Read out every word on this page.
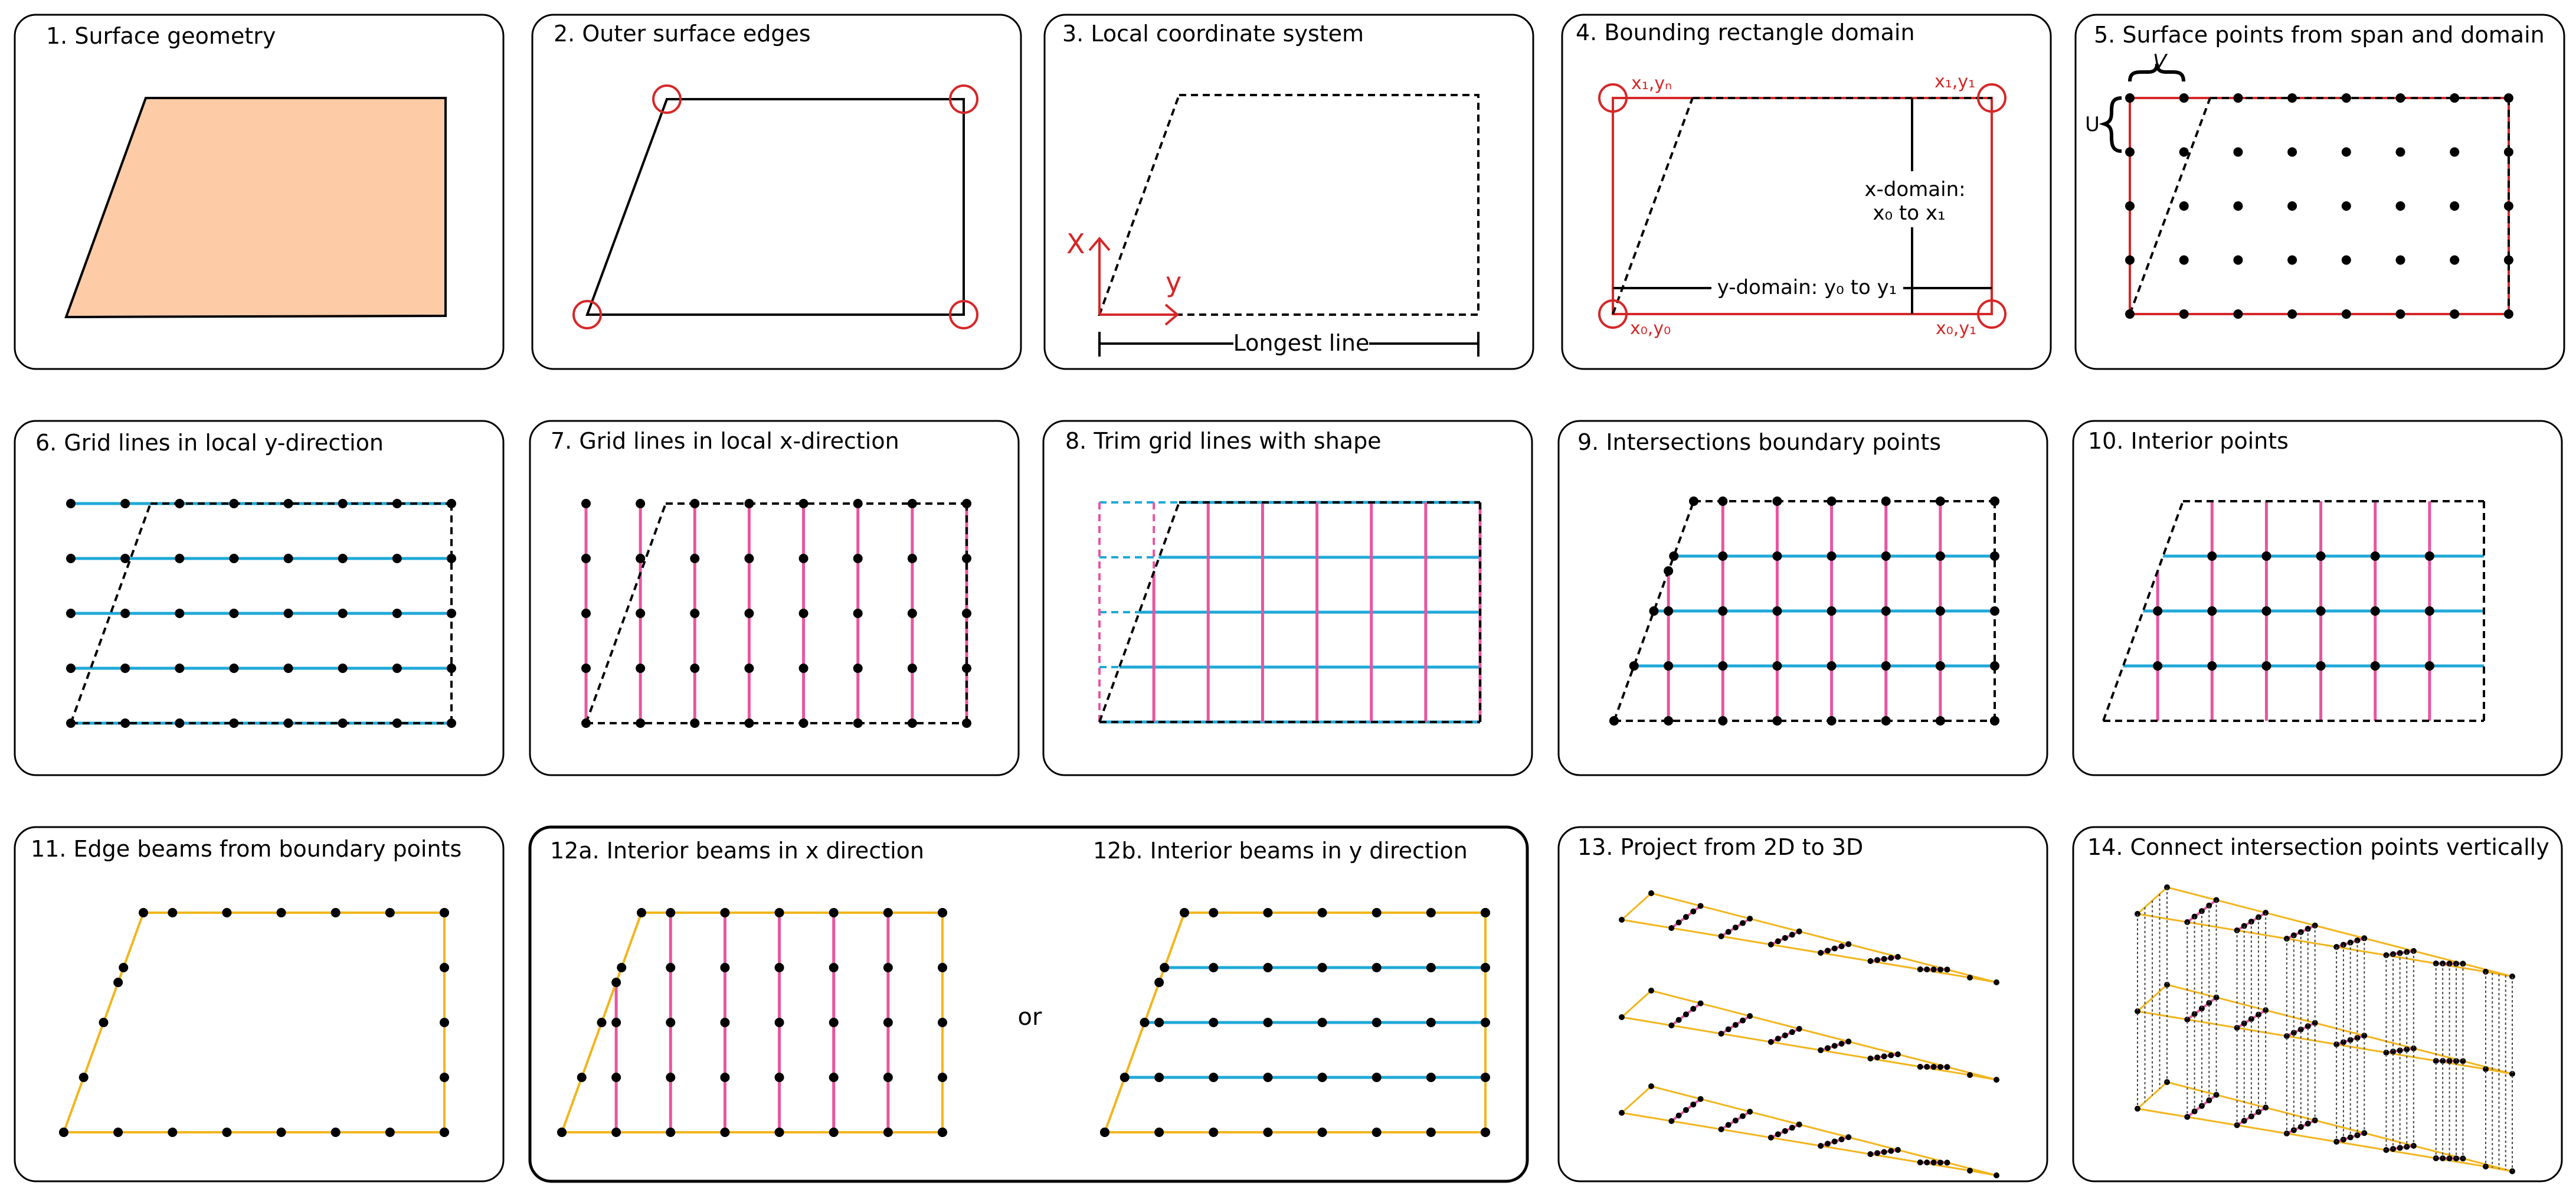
1. Surface geometry	2. Outer surface edges	3. Local coordinate system	4. Bounding rectangle domain	5. Surface points from span and domain
6. Grid lines in local y-direction	7. Grid lines in local x-direction	8. Trim grid lines with shape	9. Intersections boundary points	10. Interior points
11. Edge beams from boundary points	12a. Interior beams in x direction	12b. Interior beams in y direction	13. Project from 2D to 3D	14. Connect intersection points vertically
X
y
Longest line
x-domain:
x₀ to x₁
y-domain: y₀ to y₁
x₁,yₙ	x₁,y₁
x₀,y₀	x₀,y₁
V
U
or
